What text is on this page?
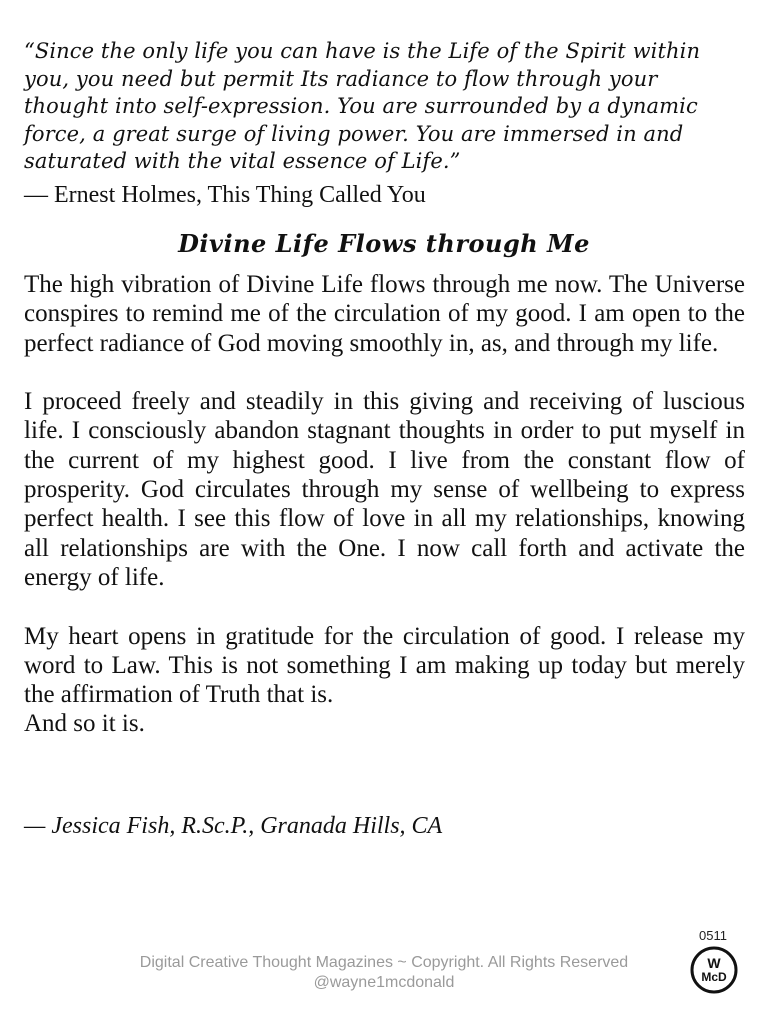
“Since the only life you can have is the Life of the Spirit within you, you need but permit Its radiance to flow through your thought into self-expression. You are surrounded by a dynamic force, a great surge of living power. You are immersed in and saturated with the vital essence of Life.”

— Ernest Holmes, This Thing Called You

Divine Life Flows through Me

The high vibration of Divine Life flows through me now. The Universe conspires to remind me of the circulation of my good. I am open to the perfect radiance of God moving smoothly in, as, and through my life.

I proceed freely and steadily in this giving and receiving of luscious life. I consciously abandon stagnant thoughts in order to put myself in the current of my highest good. I live from the constant flow of prosperity. God circulates through my sense of wellbeing to express perfect health. I see this flow of love in all my relationships, knowing all relationships are with the One. I now call forth and activate the energy of life.

My heart opens in gratitude for the circulation of good. I release my word to Law. This is not something I am making up today but merely the affirmation of Truth that is.
And so it is.

— Jessica Fish, R.Sc.P., Granada Hills, CA

0511
W
McD
Digital Creative Thought Magazines ~ Copyright. All Rights Reserved
@wayne1mcdonald
